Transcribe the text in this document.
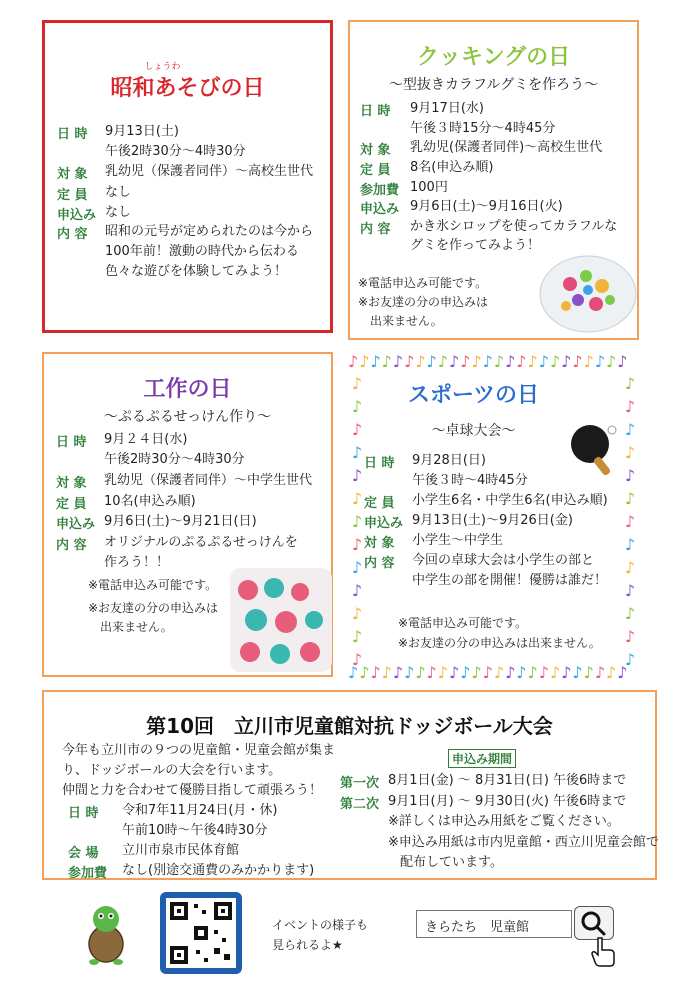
しょうわ
昭和あそびの日
日 時 9月13日(土)
午後2時30分～4時30分
対 象 乳幼児（保護者同伴）～高校生世代
定 員 なし
申込み なし
内 容 昭和の元号が定められたのは今から
100年前！激動の時代から伝わる
色々な遊びを体験してみよう！
クッキングの日
～型抜きカラフルグミを作ろう～
日 時 9月17日(水)
午後３時15分～4時45分
対 象 乳幼児(保護者同伴)～高校生世代
定 員 8名(申込み順)
参加費 100円
申込み 9月6日(土)～9月16日(火)
内 容 かき氷シロップを使ってカラフルな
グミを作ってみよう！
※電話申込み可能です。
※お友達の分の申込みは
出来ません。
工作の日
～ぷるぷるせっけん作り～
日 時 9月２４日(水)
午後2時30分～4時30分
対 象 乳幼児（保護者同伴）～中学生世代
定 員 10名(申込み順)
申込み 9月6日(土)～9月21日(日)
内 容 オリジナルのぷるぷるせっけんを
作ろう！！
※電話申込み可能です。
※お友達の分の申込みは
出来ません。
♪♪♪♪♪♪♪♪♪♪♪♪♪♪♪♪♪♪♪♪♪♪♪♪♪
♪♪♪♪♪♪♪♪♪♪♪♪♪♪♪♪♪♪♪♪♪♪♪♪♪
♪
♪
♪
♪
♪
♪
♪
♪
♪
♪
♪
♪
♪
♪
♪
♪
♪
♪
♪
♪
♪
♪
♪
♪
♪
♪
スポーツの日
～卓球大会～
日 時 9月28日(日)
午後３時～4時45分
定 員 小学生6名・中学生6名(申込み順)
申込み 9月13日(土)～9月26日(金)
対 象 小学生～中学生
内 容 今回の卓球大会は小学生の部と
中学生の部を開催！優勝は誰だ！
※電話申込み可能です。
※お友達の分の申込みは出来ません。
第10回　立川市児童館対抗ドッジボール大会
今年も立川市の９つの児童館・児童会館が集ま
り、ドッジボールの大会を行います。
仲間と力を合わせて優勝目指して頑張ろう！
日 時 令和7年11月24日(月・休)
午前10時～午後4時30分
会 場 立川市泉市民体育館
参加費 なし(別途交通費のみかかります)
申込み期間
第一次 8月1日(金) ～ 8月31日(日) 午後6時まで
第二次 9月1日(月) ～ 9月30日(火) 午後6時まで
※詳しくは申込み用紙をご覧ください。
※申込み用紙は市内児童館・西立川児童会館で
配布しています。
イベントの様子も
見られるよ★
きらたち　児童館
